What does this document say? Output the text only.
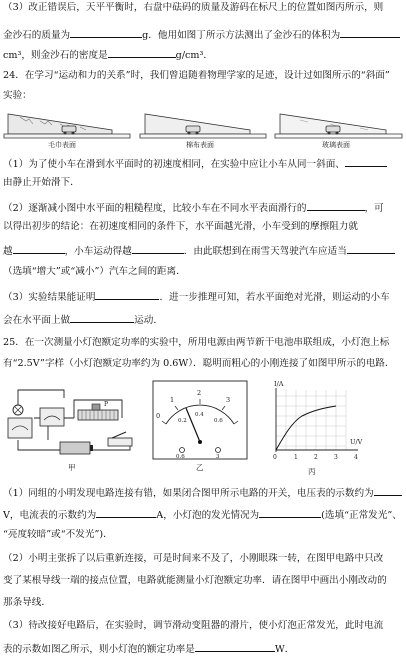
（3）改正错误后，天平平衡时，右盘中砝码的质量及游码在标尺上的位置如图丙所示，则
金沙石的质量为	g．他用如图丁所示方法测出了金沙石的体积为
cm³，则金沙石的密度是	g/cm³．
24．在学习“运动和力的关系”时，我们曾追随着物理学家的足迹，设计过如图所示的“斜面”
实验：
毛巾表面	棉布表面	玻璃表面
（1）为了使小车在滑到水平面时的初速度相同，在实验中应让小车从同一斜面、
由静止开始滑下．
（2）逐渐减小图中水平面的粗糙程度，比较小车在不同水平表面滑行的	，可
以得出初步的结论：在初速度相同的条件下，水平面越光滑，小车受到的摩擦阻力就
越	，小车运动得越	．由此联想到在雨雪天驾驶汽车应适当
（选填“增大”或“减小”）汽车之间的距离．
（3）实验结果能证明	．进一步推理可知，若水平面绝对光滑，则运动的小车
会在水平面上做	运动．
25．在一次测量小灯泡额定功率的实验中，所用电源由两节新干电池串联组成，小灯泡上标
有“2.5V”字样（小灯泡额定功率约为 0.6W）．聪明而粗心的小刚连接了如图甲所示的电路．
P
甲
0
1
2
3
0.2
0.4
0.6
0.6	3
乙
I/A
U/V
0	1	2	3	4
丙
（1）同组的小明发现电路连接有错，如果闭合图甲所示电路的开关，电压表的示数约为
V，电流表的示数约为	A，小灯泡的发光情况为	(选填“正常发光”、
“亮度较暗”或“不发光”)．
（2）小明主张拆了以后重新连接，可是时间来不及了，小刚眼珠一转，在图甲电路中只改
变了某根导线一端的接点位置，电路就能测量小灯泡额定功率．请在图甲中画出小刚改动的
那条导线．
（3）待改接好电路后，在实验时，调节滑动变阻器的滑片，使小灯泡正常发光，此时电流
表的示数如图乙所示，则小灯泡的额定功率是	W．
